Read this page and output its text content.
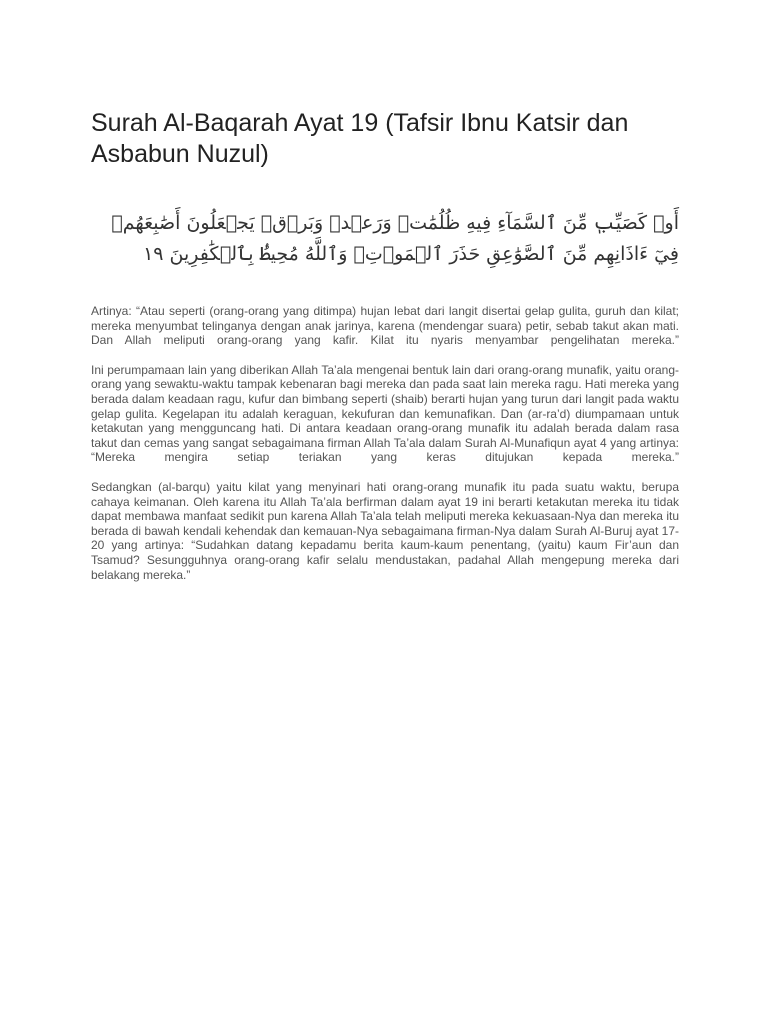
Surah Al-Baqarah Ayat 19 (Tafsir Ibnu Katsir dan Asbabun Nuzul)

أَوۡ كَصَيِّبٖ مِّنَ ٱلسَّمَآءِ فِيهِ ظُلُمَٰتٞ وَرَعۡدٞ وَبَرۡقٞ يَجۡعَلُونَ أَصَٰبِعَهُمۡ فِيٓ ءَاذَانِهِم مِّنَ ٱلصَّوَٰعِقِ حَذَرَ ٱلۡمَوۡتِۚ وَٱللَّهُ مُحِيطُۢ بِٱلۡكَٰفِرِينَ ١٩

Artinya: “Atau seperti (orang-orang yang ditimpa) hujan lebat dari langit disertai gelap gulita, guruh dan kilat; mereka menyumbat telinganya dengan anak jarinya, karena (mendengar suara) petir, sebab takut akan mati. Dan Allah meliputi orang-orang yang kafir. Kilat itu nyaris menyambar pengelihatan mereka.”

Ini perumpamaan lain yang diberikan Allah Ta’ala mengenai bentuk lain dari orang-orang munafik, yaitu orang-orang yang sewaktu-waktu tampak kebenaran bagi mereka dan pada saat lain mereka ragu. Hati mereka yang berada dalam keadaan ragu, kufur dan bimbang seperti (shaib) berarti hujan yang turun dari langit pada waktu gelap gulita. Kegelapan itu adalah keraguan, kekufuran dan kemunafikan. Dan (ar-ra’d) diumpamaan untuk ketakutan yang mengguncang hati. Di antara keadaan orang-orang munafik itu adalah berada dalam rasa takut dan cemas yang sangat sebagaimana firman Allah Ta’ala dalam Surah Al-Munafiqun ayat 4 yang artinya: “Mereka mengira setiap teriakan yang keras ditujukan kepada mereka.”

Sedangkan (al-barqu) yaitu kilat yang menyinari hati orang-orang munafik itu pada suatu waktu, berupa cahaya keimanan. Oleh karena itu Allah Ta’ala berfirman dalam ayat 19 ini berarti ketakutan mereka itu tidak dapat membawa manfaat sedikit pun karena Allah Ta’ala telah meliputi mereka kekuasaan-Nya dan mereka itu berada di bawah kendali kehendak dan kemauan-Nya sebagaimana firman-Nya dalam Surah Al-Buruj ayat 17-20 yang artinya: “Sudahkan datang kepadamu berita kaum-kaum penentang, (yaitu) kaum Fir’aun dan Tsamud? Sesungguhnya orang-orang kafir selalu mendustakan, padahal Allah mengepung mereka dari belakang mereka.”
